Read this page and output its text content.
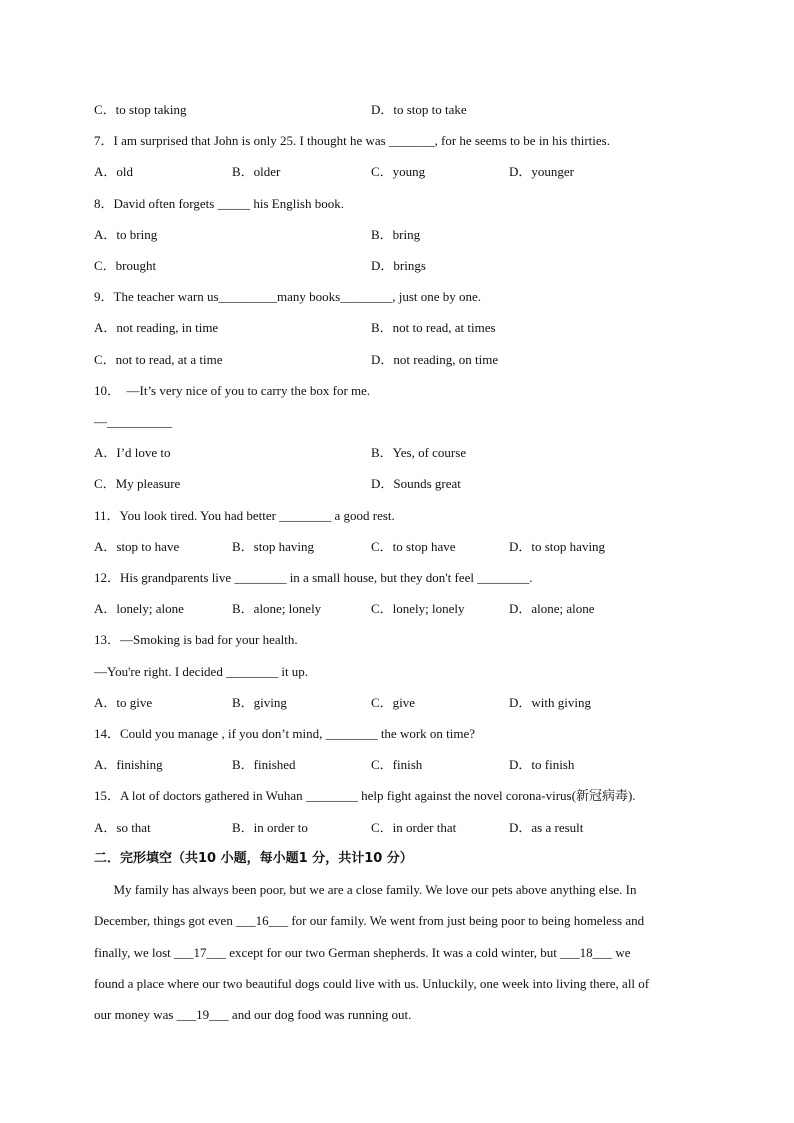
C．to stop taking	D．to stop to take
7．I am surprised that John is only 25. I thought he was _______, for he seems to be in his thirties.
A．old	B．older	C．young	D．younger
8．David often forgets _____ his English book.
A．to bring	B．bring
C．brought	D．brings
9．The teacher warn us_________many books________, just one by one.
A．not reading, in time	B．not to read, at times
C．not to read, at a time	D．not reading, on time
10．  —It’s very nice of you to carry the box for me.
—__________
A．I’d love to	B．Yes, of course
C．My pleasure	D．Sounds great
11．You look tired. You had better ________ a good rest.
A．stop to have	B．stop having	C．to stop have	D．to stop having
12．His grandparents live ________ in a small house, but they don't feel ________.
A．lonely; alone	B．alone; lonely	C．lonely; lonely	D．alone; alone
13．—Smoking is bad for your health.
—You're right. I decided ________ it up.
A．to give	B．giving	C．give	D．with giving
14．Could you manage , if you don’t mind, ________ the work on time?
A．finishing	B．finished	C．finish	D．to finish
15．A lot of doctors gathered in Wuhan ________ help fight against the novel corona-virus(新冠病毒).
A．so that	B．in order to	C．in order that	D．as a result
二．完形填空（共10 小题，每小题1 分，共计10 分）
My family has always been poor, but we are a close family. We love our pets above anything else. In
December, things got even ___16___ for our family. We went from just being poor to being homeless and
finally, we lost ___17___ except for our two German shepherds. It was a cold winter, but ___18___ we
found a place where our two beautiful dogs could live with us. Unluckily, one week into living there, all of
our money was ___19___ and our dog food was running out.
